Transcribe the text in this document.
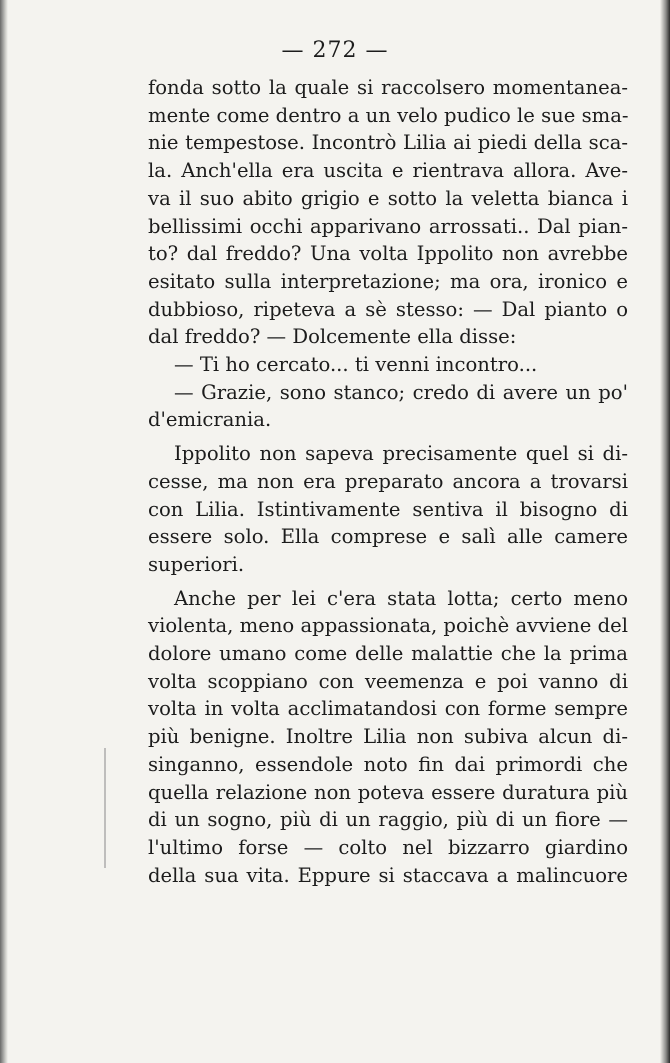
— 272 —
fonda sotto la quale si raccolsero momentanea-
mente come dentro a un velo pudico le sue sma-
nie tempestose. Incontrò Lilia ai piedi della sca-
la. Anch'ella era uscita e rientrava allora. Ave-
va il suo abito grigio e sotto la veletta bianca i
bellissimi occhi apparivano arrossati.. Dal pian-
to? dal freddo? Una volta Ippolito non avrebbe
esitato sulla interpretazione; ma ora, ironico e
dubbioso, ripeteva a sè stesso: — Dal pianto o
dal freddo? — Dolcemente ella disse:
— Ti ho cercato... ti venni incontro...
— Grazie, sono stanco; credo di avere un po'
d'emicrania.
Ippolito non sapeva precisamente quel si di-
cesse, ma non era preparato ancora a trovarsi
con Lilia. Istintivamente sentiva il bisogno di
essere solo. Ella comprese e salì alle camere
superiori.
Anche per lei c'era stata lotta; certo meno
violenta, meno appassionata, poichè avviene del
dolore umano come delle malattie che la prima
volta scoppiano con veemenza e poi vanno di
volta in volta acclimatandosi con forme sempre
più benigne. Inoltre Lilia non subiva alcun di-
singanno, essendole noto fin dai primordi che
quella relazione non poteva essere duratura più
di un sogno, più di un raggio, più di un fiore —
l'ultimo forse — colto nel bizzarro giardino
della sua vita. Eppure si staccava a malincuore
